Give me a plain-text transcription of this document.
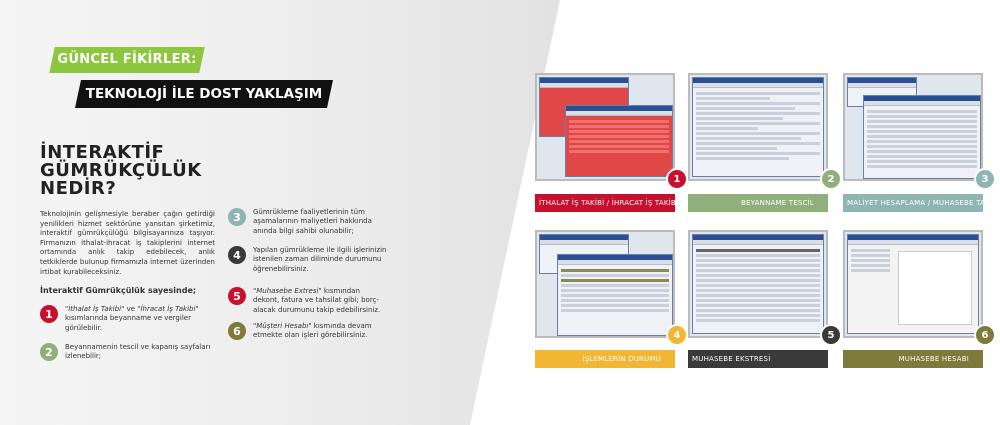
GÜNCEL FİKİRLER:
TEKNOLOJİ İLE DOST YAKLAŞIM
İNTERAKTİF
GÜMRÜKÇÜLÜK
NEDİR?
Teknolojinin gelişmesiyle beraber çağın getirdiği yenilikleri hizmet sektörüne yansıtan şirketimiz, interaktif gümrükçülüğü bilgisayarınıza taşıyor. Firmanızın ithalat-ihracat iş takiplerini internet ortamında anlık takip edebilecek, anlık tetkiklerde bulunup firmamızla internet üzerinden irtibat kurabileceksiniz.
İnteraktif Gümrükçülük sayesinde;
1	"İthalat İş Takibi" ve "İhracat İş Takibi" kısımlarında beyanname ve vergiler görülebilir.
2	Beyannamenin tescil ve kapanış sayfaları izlenebilir;
3	Gümrükleme faaliyetlerinin tüm aşamalarının maliyetleri hakkında anında bilgi sahibi olunabilir;
4	Yapılan gümrükleme ile ilgili işlerinizin istenilen zaman diliminde durumunu öğrenebilirsiniz.
5	"Muhasebe Extresi" kısmından dekont, fatura ve tahsilat gibi; borç-alacak durumunu takip edebilirsiniz.
6	"Müşteri Hesabı" kısmında devam etmekte olan işleri görebilirsiniz.
İTHALAT İŞ TAKİBİ / İHRACAT İŞ TAKİBİ
1
BEYANNAME TESCİL
2
MALİYET HESAPLAMA / MUHASEBE TAKİBİ
3
İŞLEMLERİN DURUMU
4
MUHASEBE EKSTRESİ
5
MUHASEBE HESABI
6
